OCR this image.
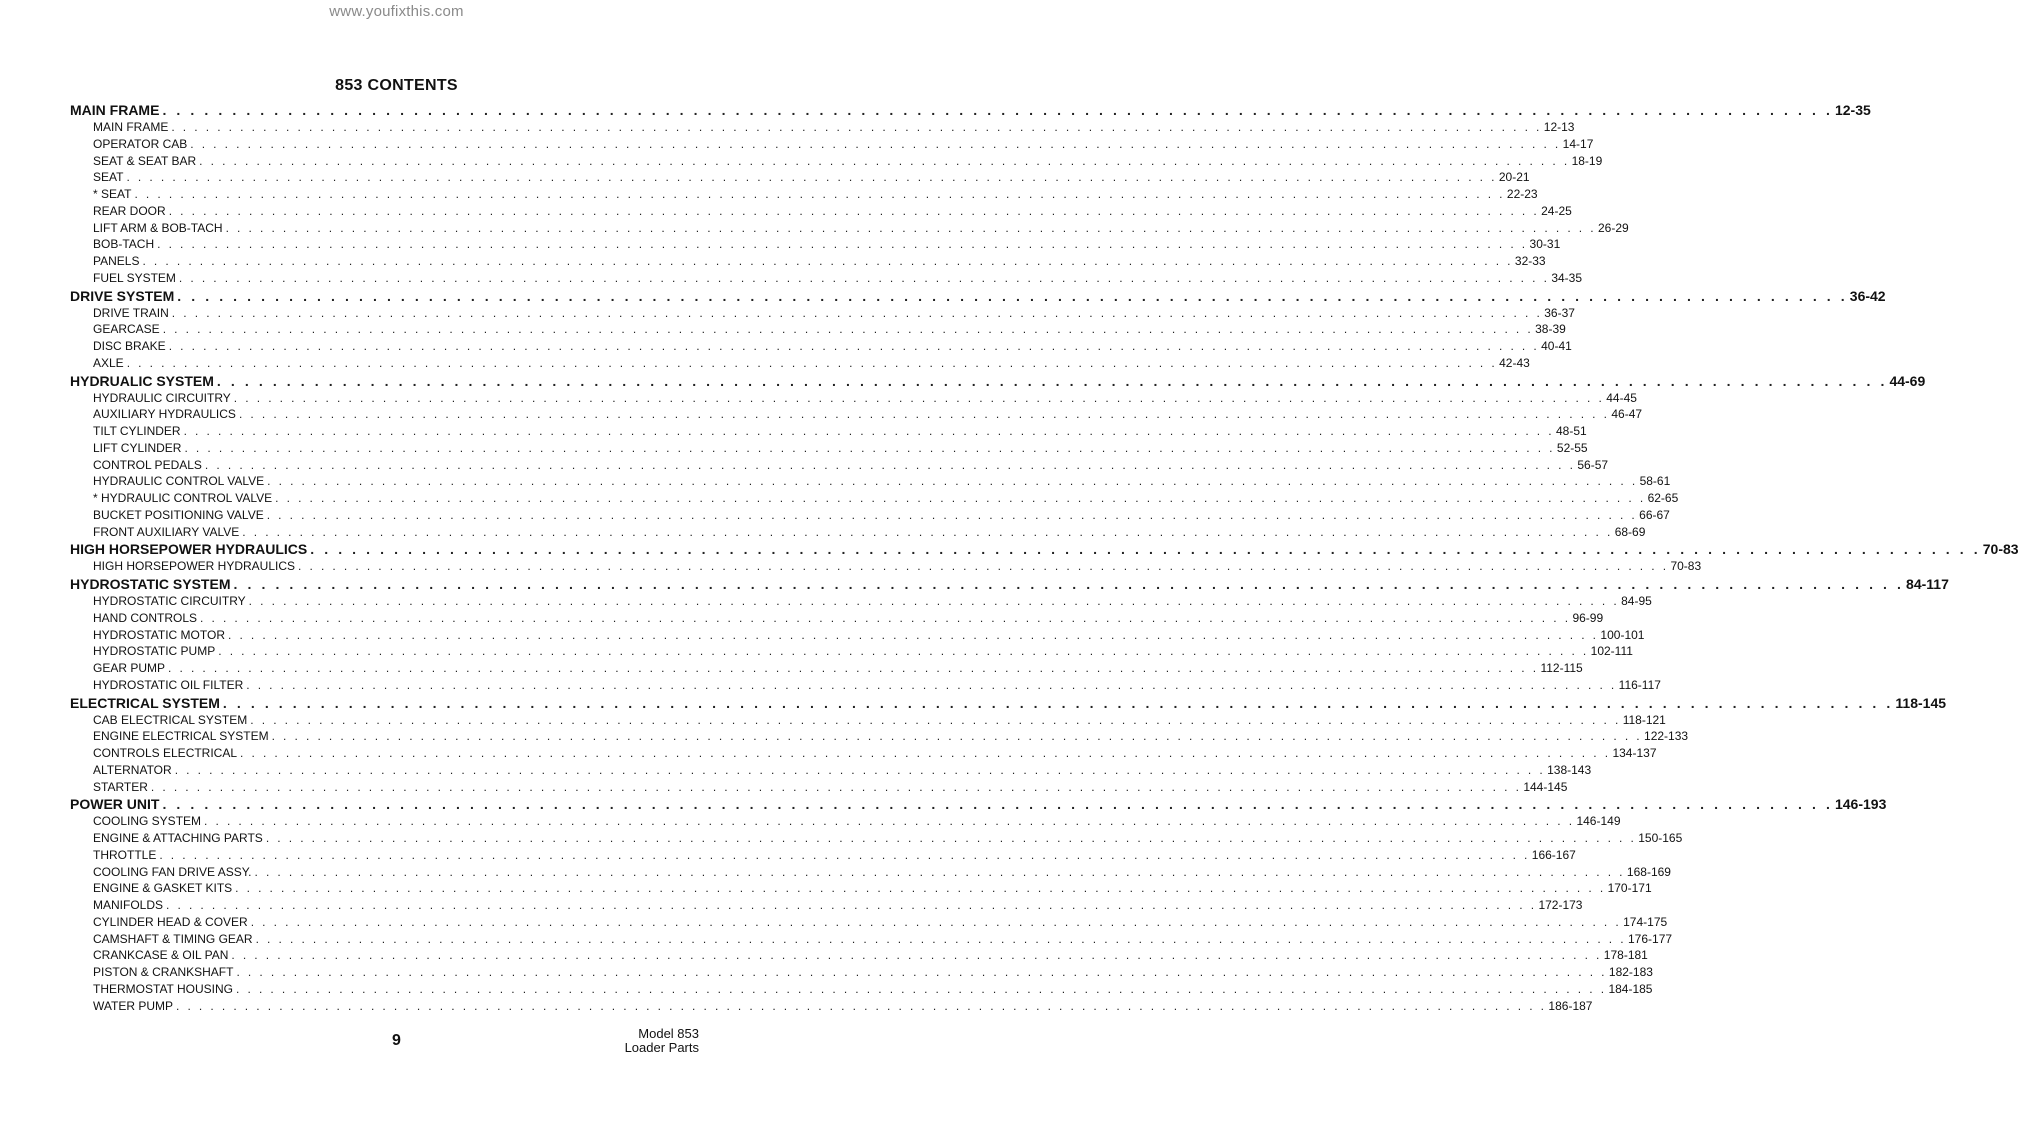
www.youfixthis.com
853 CONTENTS
MAIN FRAME . . . . . . . . . . . . . . . . . . . . . . . . . . . . . . . . . . . . . . . . . . . . . . . . . . . . . . . . . . . . . . . . . . . . . . . . . . . . . . . . . . . . . . . . . . . . . . . . . . . . . . . . . . . . . . . . . . . . . . . . 12-35
MAIN FRAME . . . . . . . . . . . . . . . . . . . . . . . . . . . . . . . . . . . . . . . . . . . . . . . . . . . . . . . . . . . . . . . . . . . . . . . . . . . . . . . . . . . . . . . . . . . . . . . . . . . . . . . . . . . . . . . . . . . . . . . . 12-13
OPERATOR CAB . . . . . . . . . . . . . . . . . . . . . . . . . . . . . . . . . . . . . . . . . . . . . . . . . . . . . . . . . . . . . . . . . . . . . . . . . . . . . . . . . . . . . . . . . . . . . . . . . . . . . . . . . . . . . . . . . . . . . . . . 14-17
SEAT & SEAT BAR . . . . . . . . . . . . . . . . . . . . . . . . . . . . . . . . . . . . . . . . . . . . . . . . . . . . . . . . . . . . . . . . . . . . . . . . . . . . . . . . . . . . . . . . . . . . . . . . . . . . . . . . . . . . . . . . . . . . . . . . 18-19
SEAT . . . . . . . . . . . . . . . . . . . . . . . . . . . . . . . . . . . . . . . . . . . . . . . . . . . . . . . . . . . . . . . . . . . . . . . . . . . . . . . . . . . . . . . . . . . . . . . . . . . . . . . . . . . . . . . . . . . . . . . . 20-21
* SEAT . . . . . . . . . . . . . . . . . . . . . . . . . . . . . . . . . . . . . . . . . . . . . . . . . . . . . . . . . . . . . . . . . . . . . . . . . . . . . . . . . . . . . . . . . . . . . . . . . . . . . . . . . . . . . . . . . . . . . . . . 22-23
REAR DOOR . . . . . . . . . . . . . . . . . . . . . . . . . . . . . . . . . . . . . . . . . . . . . . . . . . . . . . . . . . . . . . . . . . . . . . . . . . . . . . . . . . . . . . . . . . . . . . . . . . . . . . . . . . . . . . . . . . . . . . . . 24-25
LIFT ARM & BOB-TACH . . . . . . . . . . . . . . . . . . . . . . . . . . . . . . . . . . . . . . . . . . . . . . . . . . . . . . . . . . . . . . . . . . . . . . . . . . . . . . . . . . . . . . . . . . . . . . . . . . . . . . . . . . . . . . . . . . . . . . . . 26-29
BOB-TACH . . . . . . . . . . . . . . . . . . . . . . . . . . . . . . . . . . . . . . . . . . . . . . . . . . . . . . . . . . . . . . . . . . . . . . . . . . . . . . . . . . . . . . . . . . . . . . . . . . . . . . . . . . . . . . . . . . . . . . . . 30-31
PANELS . . . . . . . . . . . . . . . . . . . . . . . . . . . . . . . . . . . . . . . . . . . . . . . . . . . . . . . . . . . . . . . . . . . . . . . . . . . . . . . . . . . . . . . . . . . . . . . . . . . . . . . . . . . . . . . . . . . . . . . . 32-33
FUEL SYSTEM . . . . . . . . . . . . . . . . . . . . . . . . . . . . . . . . . . . . . . . . . . . . . . . . . . . . . . . . . . . . . . . . . . . . . . . . . . . . . . . . . . . . . . . . . . . . . . . . . . . . . . . . . . . . . . . . . . . . . . . . 34-35
DRIVE SYSTEM . . . . . . . . . . . . . . . . . . . . . . . . . . . . . . . . . . . . . . . . . . . . . . . . . . . . . . . . . . . . . . . . . . . . . . . . . . . . . . . . . . . . . . . . . . . . . . . . . . . . . . . . . . . . . . . . . . . . . . . . 36-42
DRIVE TRAIN . . . . . . . . . . . . . . . . . . . . . . . . . . . . . . . . . . . . . . . . . . . . . . . . . . . . . . . . . . . . . . . . . . . . . . . . . . . . . . . . . . . . . . . . . . . . . . . . . . . . . . . . . . . . . . . . . . . . . . . . 36-37
GEARCASE . . . . . . . . . . . . . . . . . . . . . . . . . . . . . . . . . . . . . . . . . . . . . . . . . . . . . . . . . . . . . . . . . . . . . . . . . . . . . . . . . . . . . . . . . . . . . . . . . . . . . . . . . . . . . . . . . . . . . . . . 38-39
DISC BRAKE . . . . . . . . . . . . . . . . . . . . . . . . . . . . . . . . . . . . . . . . . . . . . . . . . . . . . . . . . . . . . . . . . . . . . . . . . . . . . . . . . . . . . . . . . . . . . . . . . . . . . . . . . . . . . . . . . . . . . . . . 40-41
AXLE . . . . . . . . . . . . . . . . . . . . . . . . . . . . . . . . . . . . . . . . . . . . . . . . . . . . . . . . . . . . . . . . . . . . . . . . . . . . . . . . . . . . . . . . . . . . . . . . . . . . . . . . . . . . . . . . . . . . . . . . 42-43
HYDRUALIC SYSTEM . . . . . . . . . . . . . . . . . . . . . . . . . . . . . . . . . . . . . . . . . . . . . . . . . . . . . . . . . . . . . . . . . . . . . . . . . . . . . . . . . . . . . . . . . . . . . . . . . . . . . . . . . . . . . . . . . . . . . . . . 44-69
HYDRAULIC CIRCUITRY . . . . . . . . . . . . . . . . . . . . . . . . . . . . . . . . . . . . . . . . . . . . . . . . . . . . . . . . . . . . . . . . . . . . . . . . . . . . . . . . . . . . . . . . . . . . . . . . . . . . . . . . . . . . . . . . . . . . . . . . 44-45
AUXILIARY HYDRAULICS . . . . . . . . . . . . . . . . . . . . . . . . . . . . . . . . . . . . . . . . . . . . . . . . . . . . . . . . . . . . . . . . . . . . . . . . . . . . . . . . . . . . . . . . . . . . . . . . . . . . . . . . . . . . . . . . . . . . . . . . 46-47
TILT CYLINDER . . . . . . . . . . . . . . . . . . . . . . . . . . . . . . . . . . . . . . . . . . . . . . . . . . . . . . . . . . . . . . . . . . . . . . . . . . . . . . . . . . . . . . . . . . . . . . . . . . . . . . . . . . . . . . . . . . . . . . . . 48-51
LIFT CYLINDER . . . . . . . . . . . . . . . . . . . . . . . . . . . . . . . . . . . . . . . . . . . . . . . . . . . . . . . . . . . . . . . . . . . . . . . . . . . . . . . . . . . . . . . . . . . . . . . . . . . . . . . . . . . . . . . . . . . . . . . . 52-55
CONTROL PEDALS . . . . . . . . . . . . . . . . . . . . . . . . . . . . . . . . . . . . . . . . . . . . . . . . . . . . . . . . . . . . . . . . . . . . . . . . . . . . . . . . . . . . . . . . . . . . . . . . . . . . . . . . . . . . . . . . . . . . . . . . 56-57
HYDRAULIC CONTROL VALVE . . . . . . . . . . . . . . . . . . . . . . . . . . . . . . . . . . . . . . . . . . . . . . . . . . . . . . . . . . . . . . . . . . . . . . . . . . . . . . . . . . . . . . . . . . . . . . . . . . . . . . . . . . . . . . . . . . . . . . . . 58-61
* HYDRAULIC CONTROL VALVE . . . . . . . . . . . . . . . . . . . . . . . . . . . . . . . . . . . . . . . . . . . . . . . . . . . . . . . . . . . . . . . . . . . . . . . . . . . . . . . . . . . . . . . . . . . . . . . . . . . . . . . . . . . . . . . . . . . . . . . . 62-65
BUCKET POSITIONING VALVE . . . . . . . . . . . . . . . . . . . . . . . . . . . . . . . . . . . . . . . . . . . . . . . . . . . . . . . . . . . . . . . . . . . . . . . . . . . . . . . . . . . . . . . . . . . . . . . . . . . . . . . . . . . . . . . . . . . . . . . . 66-67
FRONT AUXILIARY VALVE . . . . . . . . . . . . . . . . . . . . . . . . . . . . . . . . . . . . . . . . . . . . . . . . . . . . . . . . . . . . . . . . . . . . . . . . . . . . . . . . . . . . . . . . . . . . . . . . . . . . . . . . . . . . . . . . . . . . . . . . 68-69
HIGH HORSEPOWER HYDRAULICS . . . . . . . . . . . . . . . . . . . . . . . . . . . . . . . . . . . . . . . . . . . . . . . . . . . . . . . . . . . . . . . . . . . . . . . . . . . . . . . . . . . . . . . . . . . . . . . . . . . . . . . . . . . . . . . . . . . . . . . . 70-83
HIGH HORSEPOWER HYDRAULICS . . . . . . . . . . . . . . . . . . . . . . . . . . . . . . . . . . . . . . . . . . . . . . . . . . . . . . . . . . . . . . . . . . . . . . . . . . . . . . . . . . . . . . . . . . . . . . . . . . . . . . . . . . . . . . . . . . . . . . . . 70-83
HYDROSTATIC SYSTEM . . . . . . . . . . . . . . . . . . . . . . . . . . . . . . . . . . . . . . . . . . . . . . . . . . . . . . . . . . . . . . . . . . . . . . . . . . . . . . . . . . . . . . . . . . . . . . . . . . . . . . . . . . . . . . . . . . . . . . . . 84-117
HYDROSTATIC CIRCUITRY . . . . . . . . . . . . . . . . . . . . . . . . . . . . . . . . . . . . . . . . . . . . . . . . . . . . . . . . . . . . . . . . . . . . . . . . . . . . . . . . . . . . . . . . . . . . . . . . . . . . . . . . . . . . . . . . . . . . . . . . 84-95
HAND CONTROLS . . . . . . . . . . . . . . . . . . . . . . . . . . . . . . . . . . . . . . . . . . . . . . . . . . . . . . . . . . . . . . . . . . . . . . . . . . . . . . . . . . . . . . . . . . . . . . . . . . . . . . . . . . . . . . . . . . . . . . . . 96-99
HYDROSTATIC MOTOR . . . . . . . . . . . . . . . . . . . . . . . . . . . . . . . . . . . . . . . . . . . . . . . . . . . . . . . . . . . . . . . . . . . . . . . . . . . . . . . . . . . . . . . . . . . . . . . . . . . . . . . . . . . . . . . . . . . . . . . . 100-101
HYDROSTATIC PUMP . . . . . . . . . . . . . . . . . . . . . . . . . . . . . . . . . . . . . . . . . . . . . . . . . . . . . . . . . . . . . . . . . . . . . . . . . . . . . . . . . . . . . . . . . . . . . . . . . . . . . . . . . . . . . . . . . . . . . . . . 102-111
GEAR PUMP . . . . . . . . . . . . . . . . . . . . . . . . . . . . . . . . . . . . . . . . . . . . . . . . . . . . . . . . . . . . . . . . . . . . . . . . . . . . . . . . . . . . . . . . . . . . . . . . . . . . . . . . . . . . . . . . . . . . . . . . 112-115
HYDROSTATIC OIL FILTER . . . . . . . . . . . . . . . . . . . . . . . . . . . . . . . . . . . . . . . . . . . . . . . . . . . . . . . . . . . . . . . . . . . . . . . . . . . . . . . . . . . . . . . . . . . . . . . . . . . . . . . . . . . . . . . . . . . . . . . . 116-117
ELECTRICAL SYSTEM . . . . . . . . . . . . . . . . . . . . . . . . . . . . . . . . . . . . . . . . . . . . . . . . . . . . . . . . . . . . . . . . . . . . . . . . . . . . . . . . . . . . . . . . . . . . . . . . . . . . . . . . . . . . . . . . . . . . . . . . 118-145
CAB ELECTRICAL SYSTEM . . . . . . . . . . . . . . . . . . . . . . . . . . . . . . . . . . . . . . . . . . . . . . . . . . . . . . . . . . . . . . . . . . . . . . . . . . . . . . . . . . . . . . . . . . . . . . . . . . . . . . . . . . . . . . . . . . . . . . . . 118-121
ENGINE ELECTRICAL SYSTEM . . . . . . . . . . . . . . . . . . . . . . . . . . . . . . . . . . . . . . . . . . . . . . . . . . . . . . . . . . . . . . . . . . . . . . . . . . . . . . . . . . . . . . . . . . . . . . . . . . . . . . . . . . . . . . . . . . . . . . . . 122-133
CONTROLS ELECTRICAL . . . . . . . . . . . . . . . . . . . . . . . . . . . . . . . . . . . . . . . . . . . . . . . . . . . . . . . . . . . . . . . . . . . . . . . . . . . . . . . . . . . . . . . . . . . . . . . . . . . . . . . . . . . . . . . . . . . . . . . . 134-137
ALTERNATOR . . . . . . . . . . . . . . . . . . . . . . . . . . . . . . . . . . . . . . . . . . . . . . . . . . . . . . . . . . . . . . . . . . . . . . . . . . . . . . . . . . . . . . . . . . . . . . . . . . . . . . . . . . . . . . . . . . . . . . . . 138-143
STARTER . . . . . . . . . . . . . . . . . . . . . . . . . . . . . . . . . . . . . . . . . . . . . . . . . . . . . . . . . . . . . . . . . . . . . . . . . . . . . . . . . . . . . . . . . . . . . . . . . . . . . . . . . . . . . . . . . . . . . . . . 144-145
POWER UNIT . . . . . . . . . . . . . . . . . . . . . . . . . . . . . . . . . . . . . . . . . . . . . . . . . . . . . . . . . . . . . . . . . . . . . . . . . . . . . . . . . . . . . . . . . . . . . . . . . . . . . . . . . . . . . . . . . . . . . . . . 146-193
COOLING SYSTEM . . . . . . . . . . . . . . . . . . . . . . . . . . . . . . . . . . . . . . . . . . . . . . . . . . . . . . . . . . . . . . . . . . . . . . . . . . . . . . . . . . . . . . . . . . . . . . . . . . . . . . . . . . . . . . . . . . . . . . . . 146-149
ENGINE & ATTACHING PARTS . . . . . . . . . . . . . . . . . . . . . . . . . . . . . . . . . . . . . . . . . . . . . . . . . . . . . . . . . . . . . . . . . . . . . . . . . . . . . . . . . . . . . . . . . . . . . . . . . . . . . . . . . . . . . . . . . . . . . . . . 150-165
THROTTLE . . . . . . . . . . . . . . . . . . . . . . . . . . . . . . . . . . . . . . . . . . . . . . . . . . . . . . . . . . . . . . . . . . . . . . . . . . . . . . . . . . . . . . . . . . . . . . . . . . . . . . . . . . . . . . . . . . . . . . . . 166-167
COOLING FAN DRIVE ASSY. . . . . . . . . . . . . . . . . . . . . . . . . . . . . . . . . . . . . . . . . . . . . . . . . . . . . . . . . . . . . . . . . . . . . . . . . . . . . . . . . . . . . . . . . . . . . . . . . . . . . . . . . . . . . . . . . . . . . . . . . 168-169
ENGINE & GASKET KITS . . . . . . . . . . . . . . . . . . . . . . . . . . . . . . . . . . . . . . . . . . . . . . . . . . . . . . . . . . . . . . . . . . . . . . . . . . . . . . . . . . . . . . . . . . . . . . . . . . . . . . . . . . . . . . . . . . . . . . . . 170-171
MANIFOLDS . . . . . . . . . . . . . . . . . . . . . . . . . . . . . . . . . . . . . . . . . . . . . . . . . . . . . . . . . . . . . . . . . . . . . . . . . . . . . . . . . . . . . . . . . . . . . . . . . . . . . . . . . . . . . . . . . . . . . . . . 172-173
CYLINDER HEAD & COVER . . . . . . . . . . . . . . . . . . . . . . . . . . . . . . . . . . . . . . . . . . . . . . . . . . . . . . . . . . . . . . . . . . . . . . . . . . . . . . . . . . . . . . . . . . . . . . . . . . . . . . . . . . . . . . . . . . . . . . . . 174-175
CAMSHAFT & TIMING GEAR . . . . . . . . . . . . . . . . . . . . . . . . . . . . . . . . . . . . . . . . . . . . . . . . . . . . . . . . . . . . . . . . . . . . . . . . . . . . . . . . . . . . . . . . . . . . . . . . . . . . . . . . . . . . . . . . . . . . . . . . 176-177
CRANKCASE & OIL PAN . . . . . . . . . . . . . . . . . . . . . . . . . . . . . . . . . . . . . . . . . . . . . . . . . . . . . . . . . . . . . . . . . . . . . . . . . . . . . . . . . . . . . . . . . . . . . . . . . . . . . . . . . . . . . . . . . . . . . . . . 178-181
PISTON & CRANKSHAFT . . . . . . . . . . . . . . . . . . . . . . . . . . . . . . . . . . . . . . . . . . . . . . . . . . . . . . . . . . . . . . . . . . . . . . . . . . . . . . . . . . . . . . . . . . . . . . . . . . . . . . . . . . . . . . . . . . . . . . . . 182-183
THERMOSTAT HOUSING . . . . . . . . . . . . . . . . . . . . . . . . . . . . . . . . . . . . . . . . . . . . . . . . . . . . . . . . . . . . . . . . . . . . . . . . . . . . . . . . . . . . . . . . . . . . . . . . . . . . . . . . . . . . . . . . . . . . . . . . 184-185
WATER PUMP . . . . . . . . . . . . . . . . . . . . . . . . . . . . . . . . . . . . . . . . . . . . . . . . . . . . . . . . . . . . . . . . . . . . . . . . . . . . . . . . . . . . . . . . . . . . . . . . . . . . . . . . . . . . . . . . . . . . . . . . 186-187
9	Model 853
Loader Parts
